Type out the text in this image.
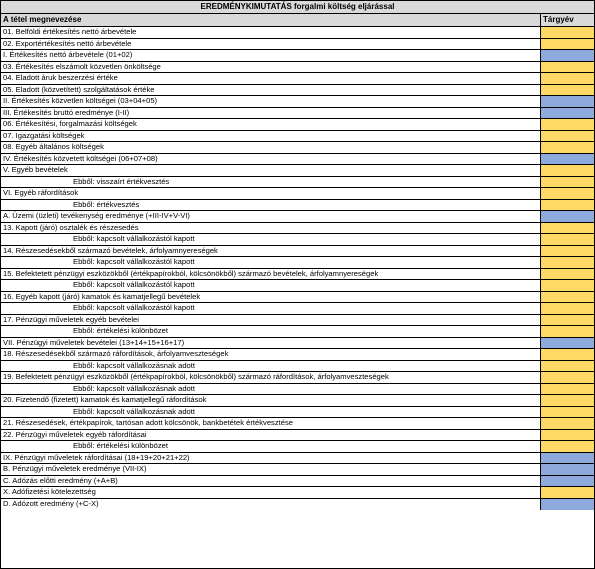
EREDMÉNYKIMUTATÁS forgalmi költség eljárással
A tétel megnevezése	Tárgyév
01. Belföldi értékesítés nettó árbevétele
02. Exportértékesítés nettó árbevétele
I. Értékesítés nettó árbevétele (01+02)
03. Értékesítés elszámolt közvetlen önköltsége
04. Eladott áruk beszerzési értéke
05. Eladott (közvetített) szolgáltatások értéke
II. Értékesítés közvetlen költségei (03+04+05)
III. Értékesítés bruttó eredménye (I-II)
06. Értékesítési, forgalmazási költségek
07. Igazgatási költségek
08. Egyéb általános költségek
IV. Értékesítés közvetett költségei (06+07+08)
V. Egyéb bevételek
Ebből: visszaírt értékvesztés
VI. Egyéb ráfordítások
Ebből: értékvesztés
A. Üzemi (üzleti) tevékenység eredménye (+III-IV+V-VI)
13. Kapott (járó) osztalék és részesedés
Ebből: kapcsolt vállalkozástól kapott
14. Részesedésekből származó bevételek, árfolyamnyereségek
Ebből: kapcsolt vállalkozástól kapott
15. Befektetett pénzügyi eszközökből (értékpapírokból, kölcsönökből) származó bevételek, árfolyamnyereségek
Ebből: kapcsolt vállalkozástól kapott
16. Egyéb kapott (járó) kamatok és kamatjellegű bevételek
Ebből: kapcsolt vállalkozástól kapott
17. Pénzügyi műveletek egyéb bevételei
Ebből: értékelési különbözet
VII. Pénzügyi műveletek bevételei (13+14+15+16+17)
18. Részesedésekből származó ráfordítások, árfolyamveszteségek
Ebből: kapcsolt vállalkozásnak adott
19. Befektetett pénzügyi eszközökből (értékpapírokból, kölcsönökből) származó ráfordítások, árfolyamveszteségek
Ebből: kapcsolt vállalkozásnak adott
20. Fizetendő (fizetett) kamatok és kamatjellegű ráfordítások
Ebből: kapcsolt vállalkozásnak adott
21. Részesedések, értékpapírok, tartósan adott kölcsönök, bankbetétek értékvesztése
22. Pénzügyi műveletek egyéb ráfordításai
Ebből: értékelési különbözet
IX. Pénzügyi műveletek ráfordításai (18+19+20+21+22)
B. Pénzügyi műveletek eredménye (VII-IX)
C. Adózás előtti eredmény (+A+B)
X. Adófizetési kötelezettség
D. Adózott eredmény (+C-X)
